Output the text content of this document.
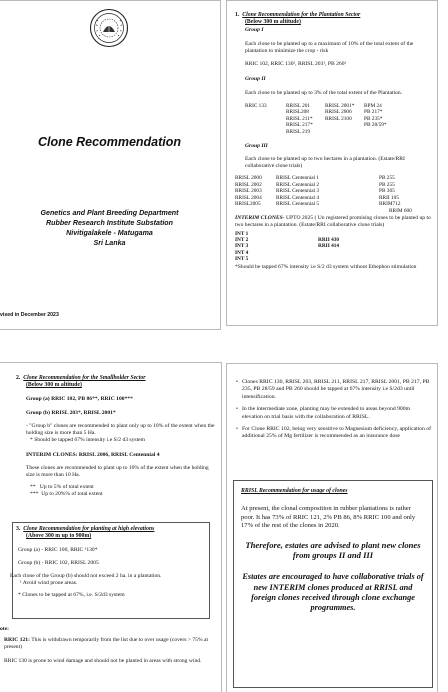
Clone Recommendation
Genetics and Plant Breeding Department
Rubber Research Institute Substation
Nivitigalakele - Matugama
Sri Lanka
vised in December 2023
1. Clone Recommendation for the Plantation Sector
(Below 300 m altitude)
Group I

Each clone to be planted up to a maximum of 10% of the total extent of the plantation to minimize the crop - risk

RRIC 102, RRIC 130¹, RRISL 203¹, PB 260¹

Group II

Each clone to be planted up to 3% of the total extent of the Plantation.

RRIC 133	RRISL 201	RRISL 2001*	BPM 24
	RRISL208	RRISL 2006	PB 217*
	RRISL 211*	RRISL 2100	PB 235*
	RRISL 217*		PB 28/59*
	RRISL 219		
Group III

Each clone to be planted up to two hectares in a plantation. (Estate/RRI collaborative clone trials)

RRISL 2000	RRISL Centennial 1	PB 255
RRISL 2002	RRISL Centennial 2	PB 255
RRISL 2003	RRISL Centennial 3	PB 305
RRISL 2004	RRISL Centennial 4	RRII 105
RRISL2005	RRISL Centennial 5	RRIM712
		RRIM 600

INTERIM CLONES- UPTO 2025 ( Un registered promising clones to be planted up to two hectares in a plantation. (Estate/RRI collaborative clone trials)

INT 1	
INT 2	RRII 430
INT 3	RRII 414
INT 4	
INT 5	

*Should be tapped 67% intensity i.e S/2 d3 system without Ethephon stimulation

2. Clone Recommendation for the Smallholder Sector
(Below 300 m altitude)

Group (a) RRIC 102, PB 86**, RRIC 100***

Group (b) RRISL 203*, RRISL 2001*

- "Group b" clones are recommended to plant only up to 10% of the extent when the holding size is more than 5 Ha.

* Should be tapped 67% intensity i.e S/2 d3 system

INTERIM CLONES: RRISL 2006, RRISL Centennial 4

These clones are recommended to plant up to 10% of the extent when the holding size is more than 10 Ha.

** Up to 5% of total extent

*** Up to 20%% of total extent

3. Clone Recommendation for planting at high elevations
(Above 300 m up to 900m)

Group (a) - RRIC 100, RRIC ¹130*

Group (b) - RRIC 102, RRISL 2005

Each clone of the Group (b) should not exceed 2 ha. in a plantation.

¹ Avoid wind prone areas.

* Clones to be tapped at 67%, i.e. S/2d3 system

ote:

RRIC 121: This is withdrawn temporarily from the list due to over usage (covers > 75% at present)

RRIC 130 is prone to wind damage and should not be planted in areas with strong wind.

• Clones RRIC 130, RRISL 203, RRISL 211, RRISL 217, RRISL 2001, PB 217, PB 235, PB 28/59 and PB 260 should be tapped at 67% intensity i.e S/2d3 until intensification.
• In the intermediate zone, planting may be extended to areas beyond 900m elevation on trial basis with the collaboration of RRISL.
• For Clone RRIC 102, being very sensitive to Magnesium deficiency, application of additional 25% of Mg fertilizer is recommended as an insurance dose
RRISL Recommendation for usage of clones

At present, the clonal composition in rubber plantations is rather poor. It has 73% of RRIC 121, 2% PB 86, 8% RRIC 100 and only 17% of the rest of the clones in 2020.

Therefore, estates are advised to plant new clones from groups II and III

Estates are encouraged to have collaborative trials of new INTERIM clones produced at RRISL and foreign clones received through clone exchange programmes.
